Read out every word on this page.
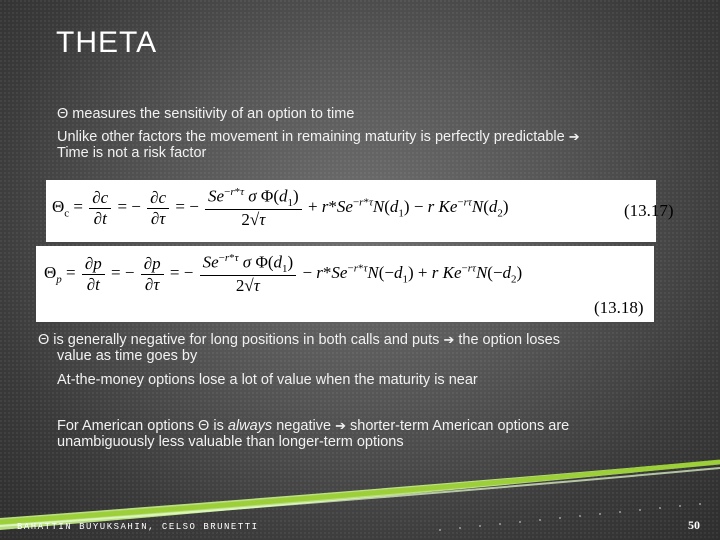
THETA
Θ measures the sensitivity of an option to time
Unlike other factors the movement in remaining maturity is perfectly predictable ➔
Time is not a risk factor
$\Theta_c = \frac{\partial c}{\partial t}$ = − $\frac{\partial c}{\partial\tau}$ = − $\frac{Se^{-r*\tau} \sigma \Phi(d_1)}{2√\tau} + r*Se^{-r*\tau}N(d_1) - r$ $Ke^{-r\tau}N(d_2)$	(13.17)
$\Theta_p = \frac{\partial p}{\partial t}$ = − $\frac{\partial p}{\partial\tau}$ = − $\frac{Se^{-r*\tau} \sigma \Phi(d_1)}{2√\tau} - r*Se^{-r*\tau}N(-d_1) + r$ $Ke^{-r\tau}N(-d_2)$
(13.18)
Θ is generally negative for long positions in both calls and puts ➔ the option loses
value as time goes by
At-the-money options lose a lot of value when the maturity is near
For American options Θ is always negative ➔ shorter-term American options are
unambiguously less valuable than longer-term options
BAHATTIN BUYUKSAHIN, CELSO BRUNETTI	50
